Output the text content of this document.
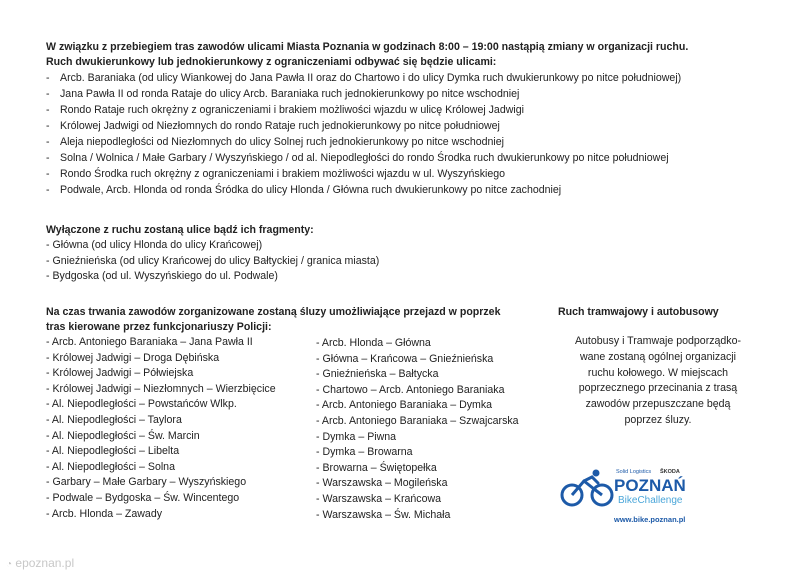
W związku z przebiegiem tras zawodów ulicami Miasta Poznania w godzinach 8:00 – 19:00 nastąpią zmiany w organizacji ruchu.
Ruch dwukierunkowy lub jednokierunkowy z ograniczeniami odbywać się będzie ulicami:
- Arcb. Baraniaka (od ulicy Wiankowej do Jana Pawła II oraz do Chartowo i do ulicy Dymka ruch dwukierunkowy po nitce południowej)
- Jana Pawła II od ronda Rataje do ulicy Arcb. Baraniaka ruch jednokierunkowy po nitce wschodniej
- Rondo Rataje ruch okrężny z ograniczeniami i brakiem możliwości wjazdu w ulicę Królowej Jadwigi
- Królowej Jadwigi od Niezłomnych do rondo Rataje ruch jednokierunkowy po nitce południowej
- Aleja niepodległości od Niezłomnych do ulicy Solnej ruch jednokierunkowy po nitce wschodniej
- Solna / Wolnica / Małe Garbary / Wyszyńskiego / od al. Niepodległości do rondo Środka ruch dwukierunkowy po nitce południowej
- Rondo Środka ruch okrężny z ograniczeniami i brakiem możliwości wjazdu w ul. Wyszyńskiego
- Podwale, Arcb. Hlonda od ronda Śródka do ulicy Hlonda / Główna ruch dwukierunkowy po nitce zachodniej
Wyłączone z ruchu zostaną ulice bądź ich fragmenty:
- Główna (od ulicy Hlonda do ulicy Krańcowej)
- Gnieźnieńska (od ulicy Krańcowej do ulicy Bałtyckiej / granica miasta)
- Bydgoska (od ul. Wyszyńskiego do ul. Podwale)
Na czas trwania zawodów zorganizowane zostaną śluzy umożliwiające przejazd w poprzek
tras kierowane przez funkcjonariuszy Policji:
- Arcb. Antoniego Baraniaka – Jana Pawła II
- Królowej Jadwigi – Droga Dębińska
- Królowej Jadwigi – Półwiejska
- Królowej Jadwigi – Niezłomnych – Wierzbięcice
- Al. Niepodległości – Powstańców Wlkp.
- Al. Niepodległości – Taylora
- Al. Niepodległości – Św. Marcin
- Al. Niepodległości – Libelta
- Al. Niepodległości – Solna
- Garbary – Małe Garbary – Wyszyńskiego
- Podwale – Bydgoska – Św. Wincentego
- Arcb. Hlonda – Zawady
- Arcb. Hlonda – Główna
- Główna – Krańcowa – Gnieźnieńska
- Gnieźnieńska – Bałtycka
- Chartowo – Arcb. Antoniego Baraniaka
- Arcb. Antoniego Baraniaka – Dymka
- Arcb. Antoniego Baraniaka – Szwajcarska
- Dymka – Piwna
- Dymka – Browarna
- Browarna – Świętopełka
- Warszawska – Mogileńska
- Warszawska – Krańcowa
- Warszawska – Św. Michała
Ruch tramwajowy i autobusowy
Autobusy i Tramwaje podporządko-
wane zostaną ogólnej organizacji
ruchu kołowego. W miejscach
poprzecznego przecinania z trasą
zawodów przepuszczane będą
poprzez śluzy.
Solid Logistics ŠKODA
POZNAŃ
BikeChallenge
www.bike.poznan.pl
◔ epoznan.pl
